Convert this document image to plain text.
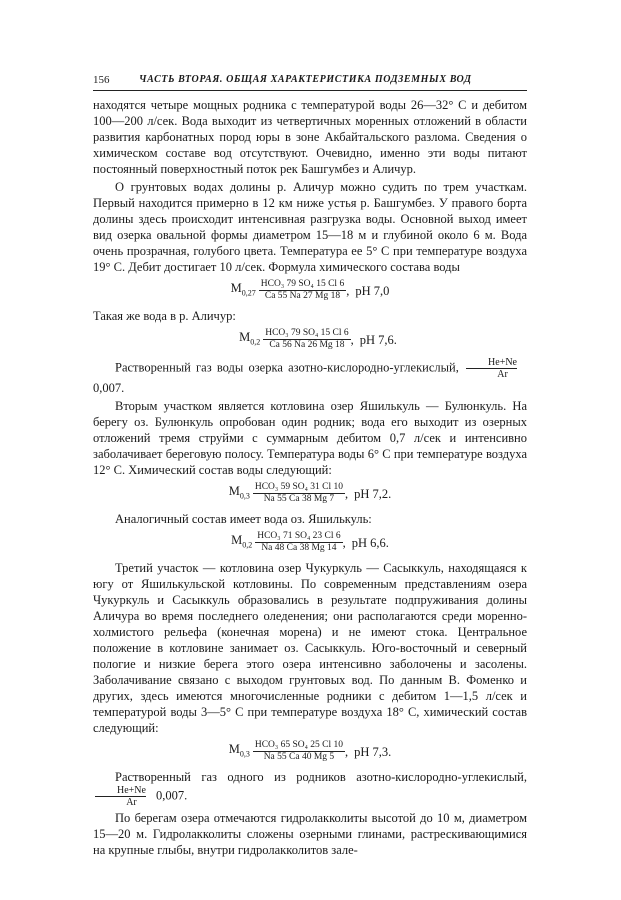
156	ЧАСТЬ ВТОРАЯ. ОБЩАЯ ХАРАКТЕРИСТИКА ПОДЗЕМНЫХ ВОД

находятся четыре мощных родника с температурой воды 26—32° С и дебитом 100—200 л/сек. Вода выходит из четвертичных моренных отложений в области развития карбонатных пород юры в зоне Акбайтальского разлома. Сведения о химическом составе вод отсутствуют. Очевидно, именно эти воды питают постоянный поверхностный поток рек Башгумбез и Аличур.

О грунтовых водах долины р. Аличур можно судить по трем участкам. Первый находится примерно в 12 км ниже устья р. Башгумбез. У правого борта долины здесь происходит интенсивная разгрузка воды. Основной выход имеет вид озерка овальной формы диаметром 15—18 м и глубиной около 6 м. Вода очень прозрачная, голубого цвета. Температура ее 5° С при температуре воздуха 19° С. Дебит достигает 10 л/сек. Формула химического состава воды

$M_{0,27} \frac{\text{HCO₃ 79 SO₄ 15 Cl 6}}{Ca 55 Na 27 Mg 18}$ , pH 7,0

Такая же вода в р. Аличур:

$M_{0,2} \frac{\text{HCO₃ 79 SO₄ 15 Cl 6}}{Ca 56 Na 26 Mg 18}$ , pH 7,6.

Растворенный газ воды озерка азотно-кислородно-углекислый, $\frac{He+Ne}{Ar}$
0,007.

Вторым участком является котловина озер Яшилькуль — Булюнкуль. На берегу оз. Булюнкуль опробован один родник; вода его выходит из озерных отложений тремя струйми с суммарным дебитом 0,7 л/сек и интенсивно заболачивает береговую полосу. Температура воды 6° С при температуре воздуха 12° С. Химический состав воды следующий:

$M_{0,3} \frac{\text{HCO₃ 59 SO₄ 31 Cl 10}}{Na 55 Ca 38 Mg 7}$ , pH 7,2.

Аналогичный состав имеет вода оз. Яшилькуль:

$M_{0,2} \frac{\text{HCO₃ 71 SO₄ 23 Cl 6}}{Na 48 Ca 38 Mg 14}$ , pH 6,6.

Третий участок — котловина озер Чукуркуль — Сасыккуль, находящаяся к югу от Яшилькульской котловины. По современным представлениям озера Чукуркуль и Сасыккуль образовались в результате подпруживания долины Аличура во время последнего оледенения; они располагаются среди моренно-холмистого рельефа (конечная морена) и не имеют стока. Центральное положение в котловине занимает оз. Сасыккуль. Юго-восточный и северный пологие и низкие берега этого озера интенсивно заболочены и засолены. Заболачивание связано с выходом грунтовых вод. По данным В. Фоменко и других, здесь имеются многочисленные родники с дебитом 1—1,5 л/сек и температурой воды 3—5° С при температуре воздуха 18° С, химический состав следующий:

$M_{0,3} \frac{\text{HCO₃ 65 SO₄ 25 Cl 10}}{Na 55 Ca 40 Mg 5}$ , pH 7,3.

Растворенный газ одного из родников азотно-кислородно-углекислый,
$\frac{He+Ne}{Ar} 0,007$.

По берегам озера отмечаются гидролакколиты высотой до 10 м, диаметром 15—20 м. Гидролакколиты сложены озерными глинами, растрескивающимися на крупные глыбы, внутри гидролакколитов зале-
